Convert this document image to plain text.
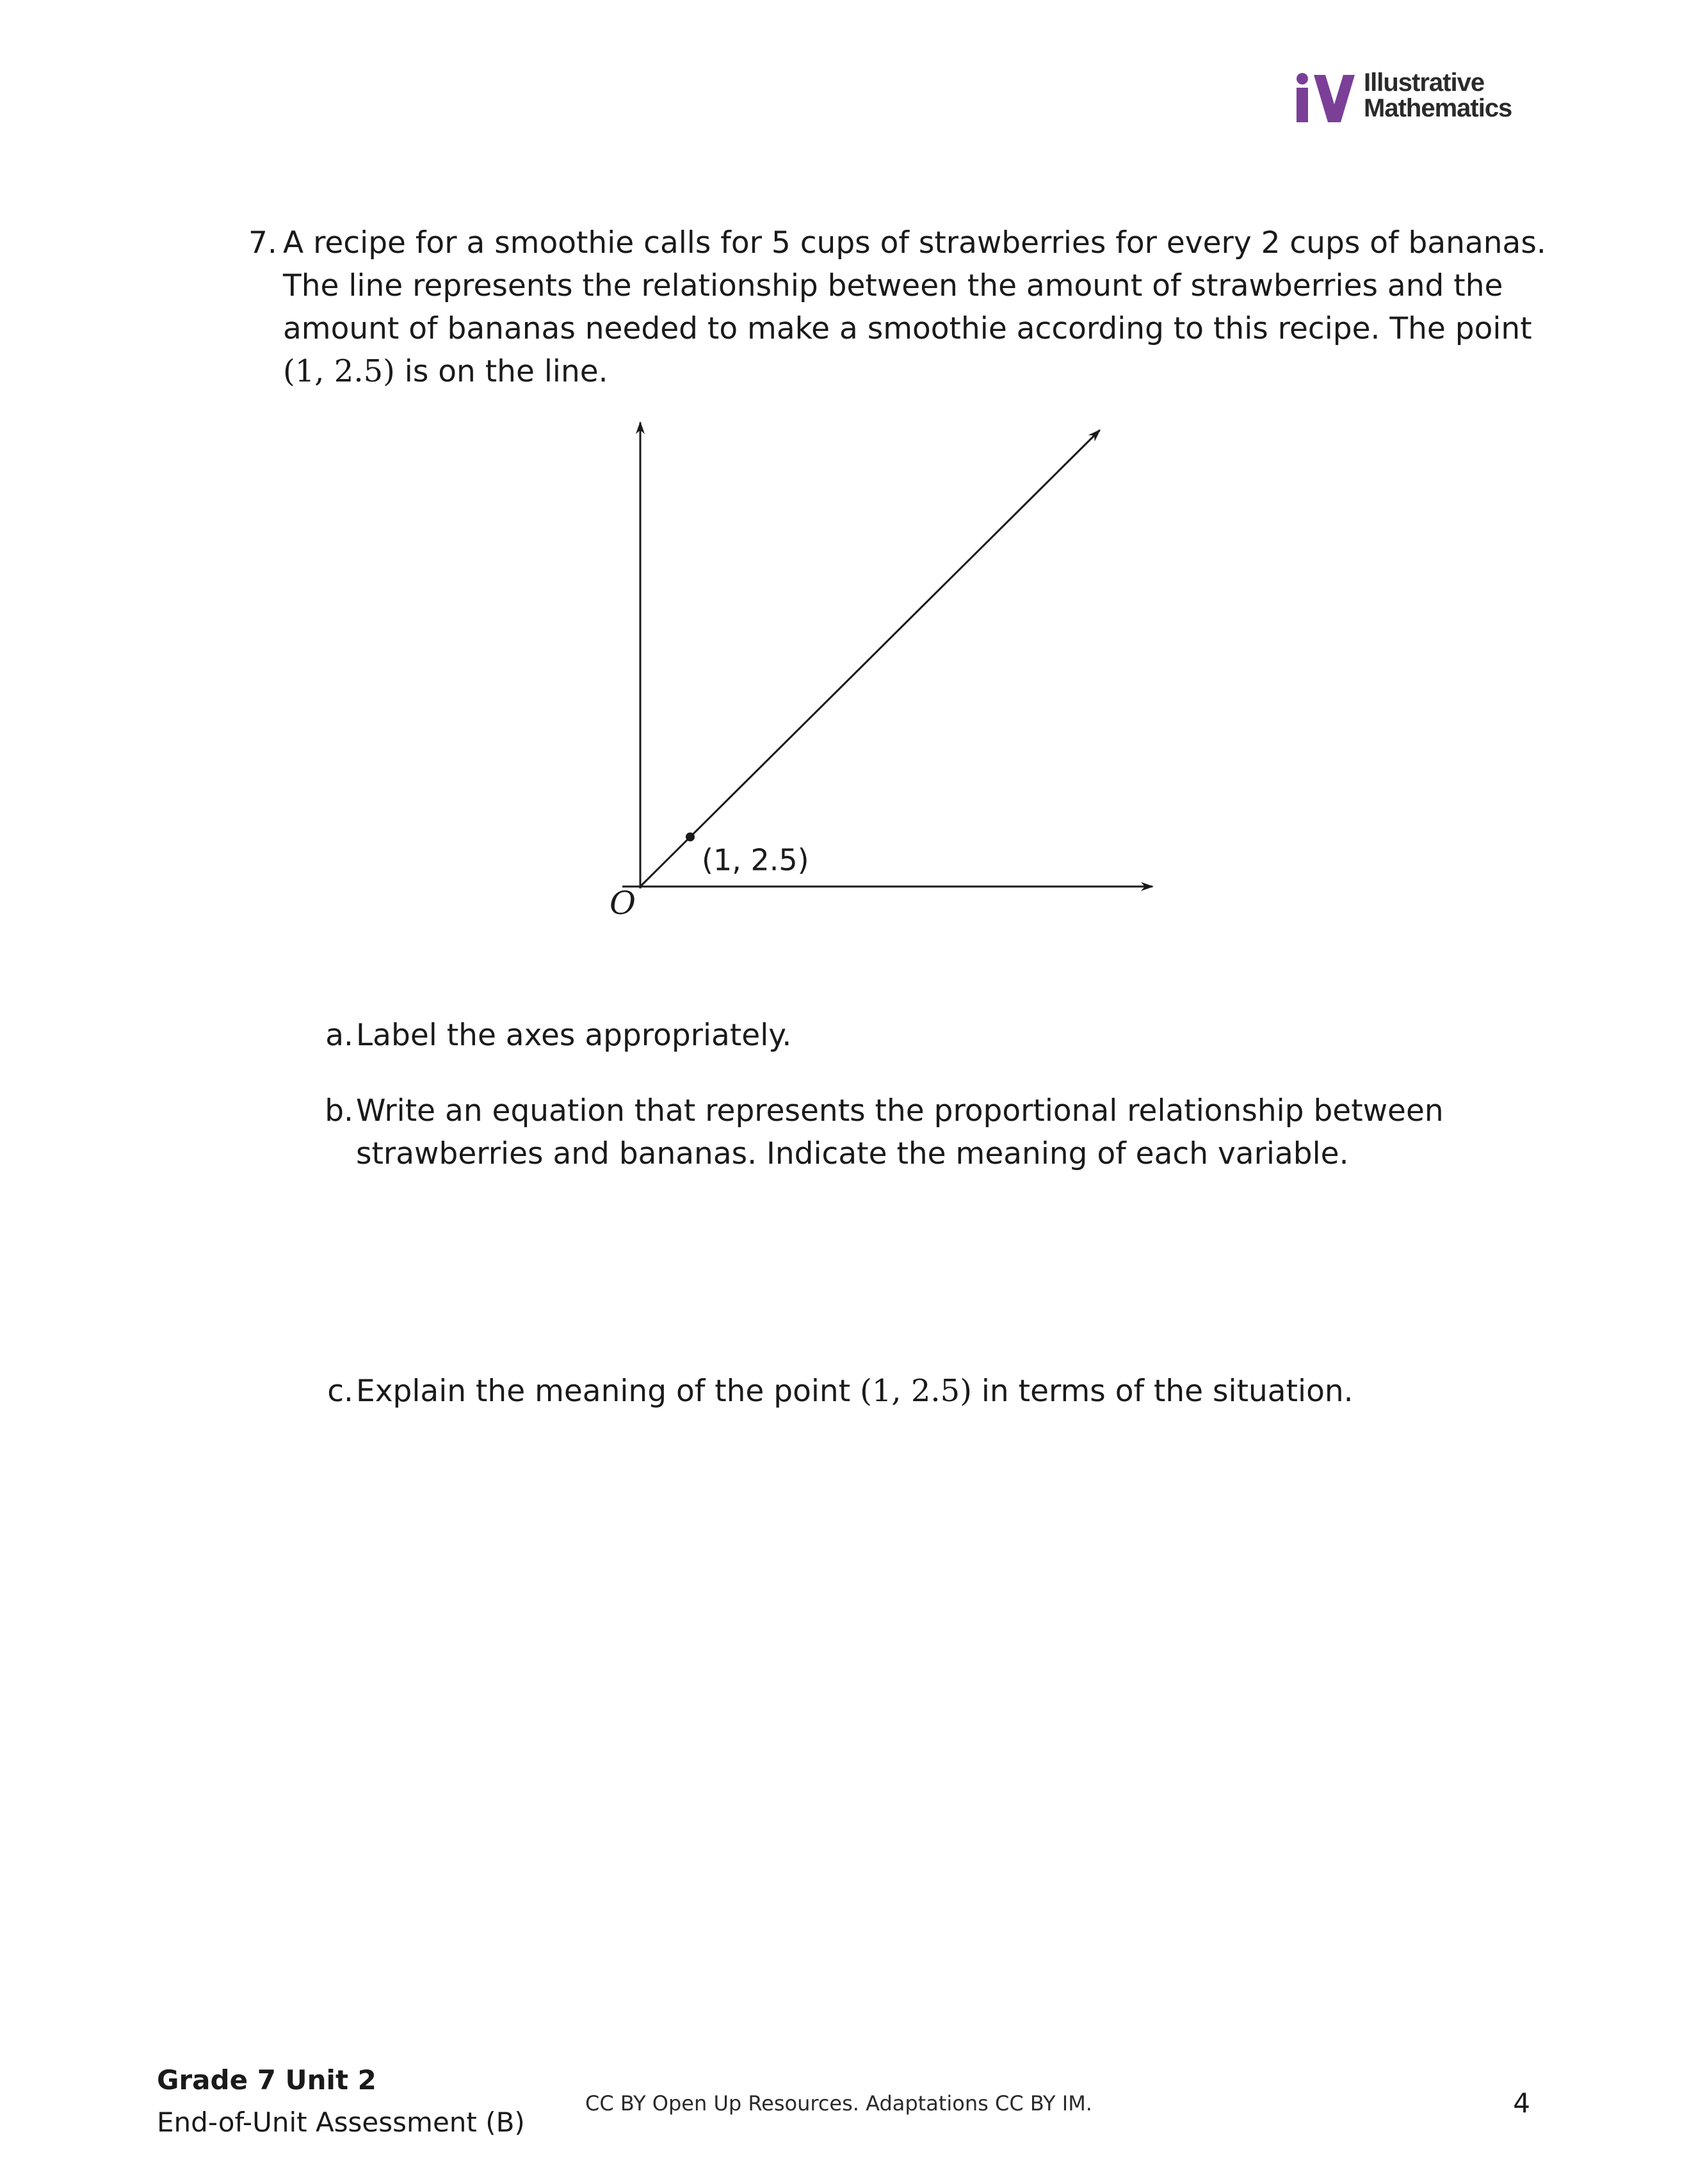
Illustrative
Mathematics
7. A recipe for a smoothie calls for 5 cups of strawberries for every 2 cups of bananas.
The line represents the relationship between the amount of strawberries and the
amount of bananas needed to make a smoothie according to this recipe. The point
(1, 2.5) is on the line.
(1, 2.5)
O
a. Label the axes appropriately.
b. Write an equation that represents the proportional relationship between
strawberries and bananas. Indicate the meaning of each variable.
c. Explain the meaning of the point (1, 2.5) in terms of the situation.
Grade 7 Unit 2
End-of-Unit Assessment (B)
CC BY Open Up Resources. Adaptations CC BY IM.	4
